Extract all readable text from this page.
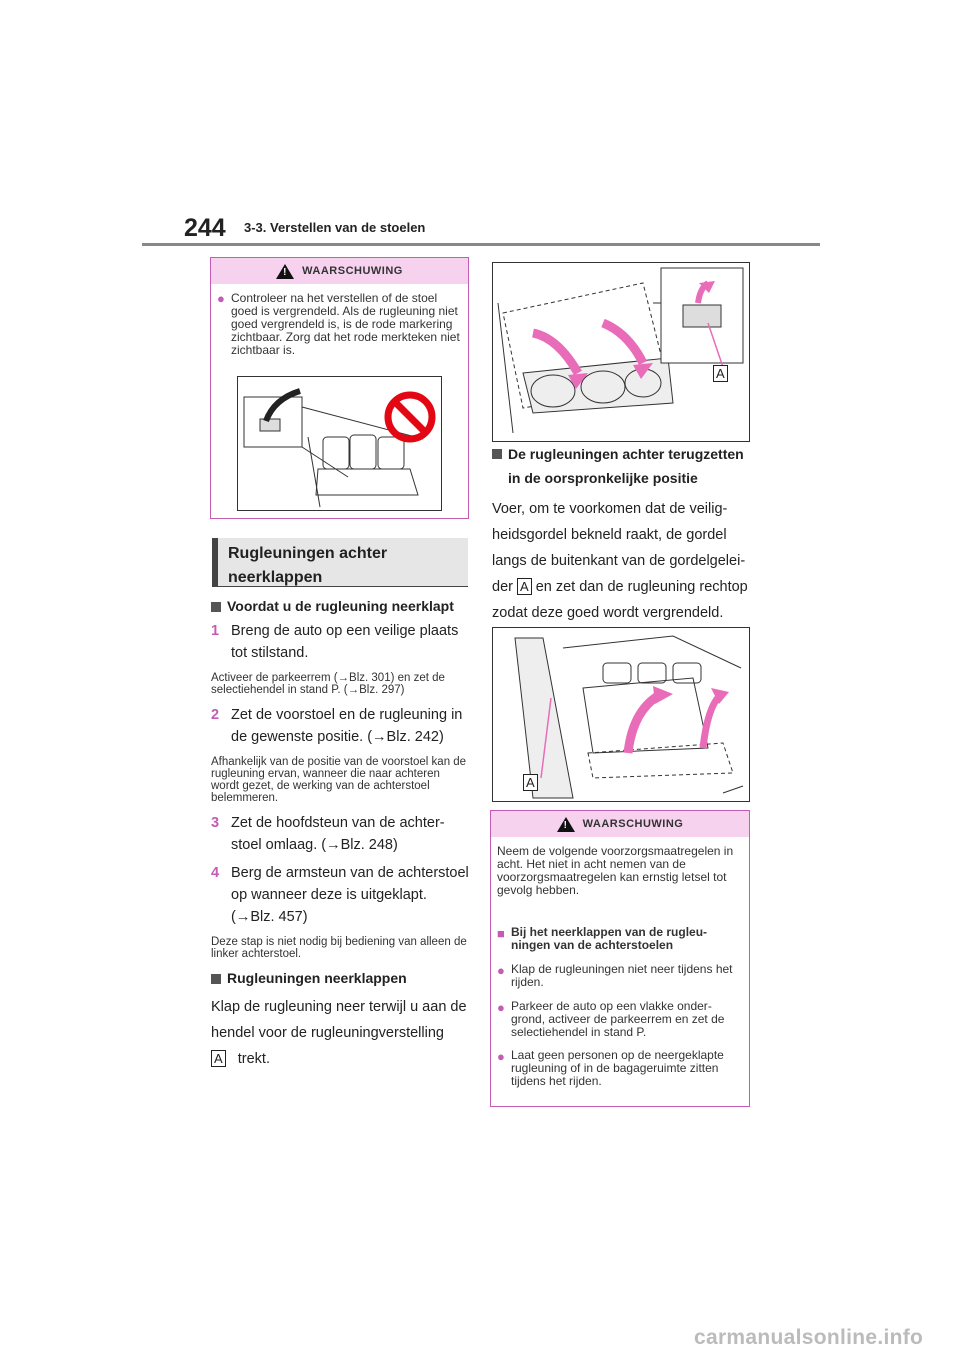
244 3-3. Verstellen van de stoelen
! WAARSCHUWING
● Controleer na het verstellen of de stoel goed is vergrendeld. Als de rugleuning niet goed vergrendeld is, is de rode markering zichtbaar. Zorg dat het rode merkteken niet zichtbaar is.
Rugleuningen achter neerklappen
Voordat u de rugleuning neerklapt
1 Breng de auto op een veilige plaats tot stilstand.
Activeer de parkeerrem (→Blz. 301) en zet de selectiehendel in stand P. (→Blz. 297)
2 Zet de voorstoel en de rugleuning in de gewenste positie. (→Blz. 242)
Afhankelijk van de positie van de voorstoel kan de rugleuning ervan, wanneer die naar achteren wordt gezet, de werking van de achterstoel belemmeren.
3 Zet de hoofdsteun van de achterstoel omlaag. (→Blz. 248)
4 Berg de armsteun van de achterstoel op wanneer deze is uitgeklapt. (→Blz. 457)
Deze stap is niet nodig bij bediening van alleen de linker achterstoel.
Rugleuningen neerklappen
Klap de rugleuning neer terwijl u aan de hendel voor de rugleuningverstelling
A trekt.
A
De rugleuningen achter terugzetten in de oorspronkelijke positie
Voer, om te voorkomen dat de veiligheidsgordel bekneld raakt, de gordel langs de buitenkant van de gordelgeleider A en zet dan de rugleuning rechtop zodat deze goed wordt vergrendeld.
A
! WAARSCHUWING
Neem de volgende voorzorgsmaatregelen in acht. Het niet in acht nemen van de voorzorgsmaatregelen kan ernstig letsel tot gevolg hebben.
■ Bij het neerklappen van de rugleuningen van de achterstoelen
● Klap de rugleuningen niet neer tijdens het rijden.
● Parkeer de auto op een vlakke ondergrond, activeer de parkeerrem en zet de selectiehendel in stand P.
● Laat geen personen op de neergeklapte rugleuning of in de bagageruimte zitten tijdens het rijden.
carmanualsonline.info
